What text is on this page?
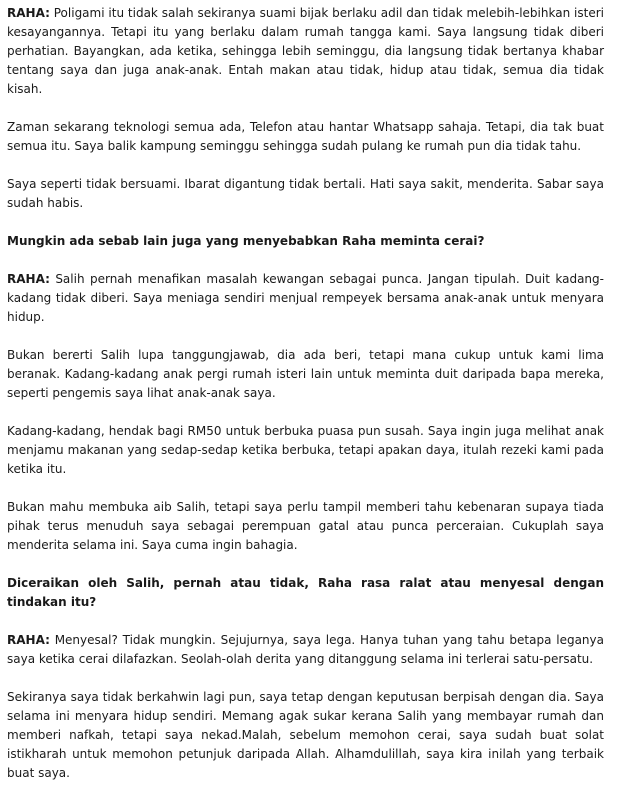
RAHA: Poligami itu tidak salah sekiranya suami bijak berlaku adil dan tidak melebih-lebihkan isteri kesayangannya. Tetapi itu yang berlaku dalam rumah tangga kami. Saya langsung tidak diberi perhatian. Bayangkan, ada ketika, sehingga lebih seminggu, dia langsung tidak bertanya khabar tentang saya dan juga anak-anak. Entah makan atau tidak, hidup atau tidak, semua dia tidak kisah.

Zaman sekarang teknologi semua ada, Telefon atau hantar Whatsapp sahaja. Tetapi, dia tak buat semua itu. Saya balik kampung seminggu sehingga sudah pulang ke rumah pun dia tidak tahu.

Saya seperti tidak bersuami. Ibarat digantung tidak bertali. Hati saya sakit, menderita. Sabar saya sudah habis.

Mungkin ada sebab lain juga yang menyebabkan Raha meminta cerai?

RAHA: Salih pernah menafikan masalah kewangan sebagai punca. Jangan tipulah. Duit kadang-kadang tidak diberi. Saya meniaga sendiri menjual rempeyek bersama anak-anak untuk menyara hidup.

Bukan bererti Salih lupa tanggungjawab, dia ada beri, tetapi mana cukup untuk kami lima beranak. Kadang-kadang anak pergi rumah isteri lain untuk meminta duit daripada bapa mereka, seperti pengemis saya lihat anak-anak saya.

Kadang-kadang, hendak bagi RM50 untuk berbuka puasa pun susah. Saya ingin juga melihat anak menjamu makanan yang sedap-sedap ketika berbuka, tetapi apakan daya, itulah rezeki kami pada ketika itu.

Bukan mahu membuka aib Salih, tetapi saya perlu tampil memberi tahu kebenaran supaya tiada pihak terus menuduh saya sebagai perempuan gatal atau punca perceraian. Cukuplah saya menderita selama ini. Saya cuma ingin bahagia.

Diceraikan oleh Salih, pernah atau tidak, Raha rasa ralat atau menyesal dengan tindakan itu?

RAHA: Menyesal? Tidak mungkin. Sejujurnya, saya lega. Hanya tuhan yang tahu betapa leganya saya ketika cerai dilafazkan. Seolah-olah derita yang ditanggung selama ini terlerai satu-persatu.

Sekiranya saya tidak berkahwin lagi pun, saya tetap dengan keputusan berpisah dengan dia. Saya selama ini menyara hidup sendiri. Memang agak sukar kerana Salih yang membayar rumah dan memberi nafkah, tetapi saya nekad.Malah, sebelum memohon cerai, saya sudah buat solat istikharah untuk memohon petunjuk daripada Allah. Alhamdulillah, saya kira inilah yang terbaik buat saya.
